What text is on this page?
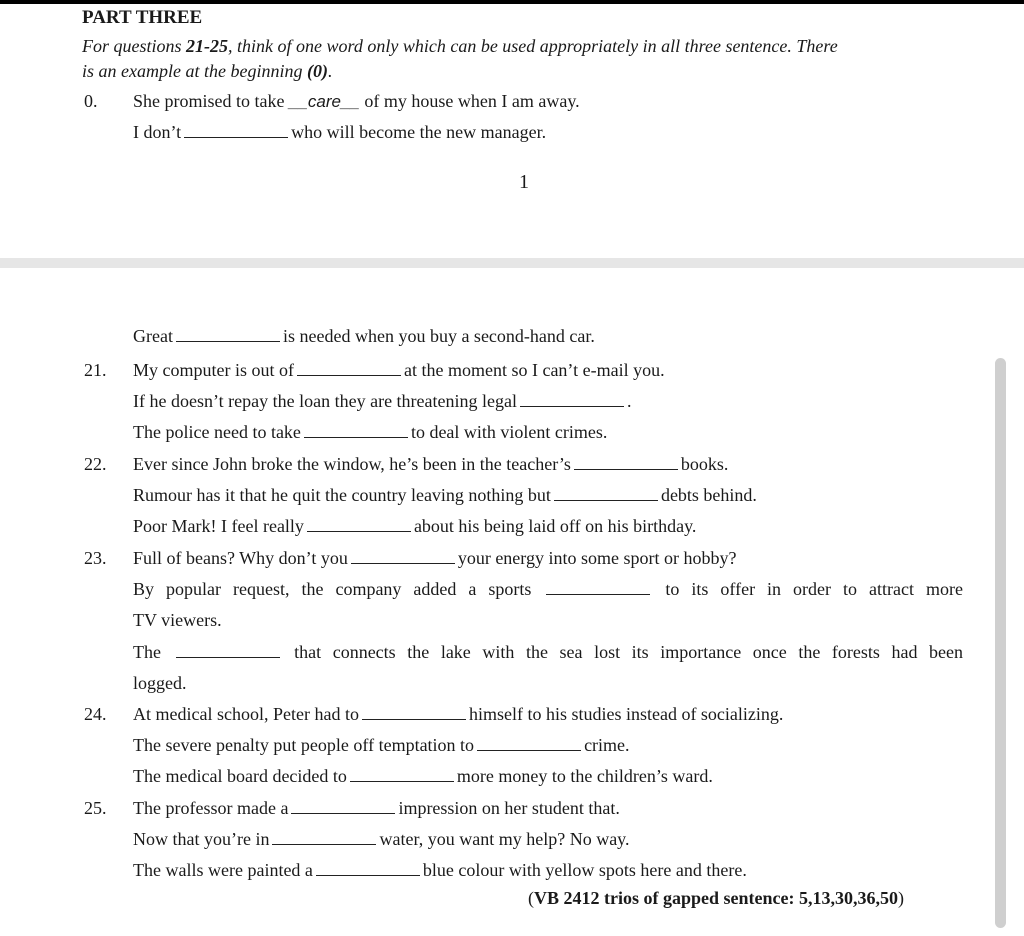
PART THREE
For questions 21-25, think of one word only which can be used appropriately in all three sentence. There
is an example at the beginning (0).
0. She promised to take __care__ of my house when I am away.
I don’t	who will become the new manager.
1
Great	is needed when you buy a second-hand car.
21. My computer is out of	at the moment so I can’t e-mail you.
If he doesn’t repay the loan they are threatening legal	.
The police need to take	to deal with violent crimes.
22. Ever since John broke the window, he’s been in the teacher’s	books.
Rumour has it that he quit the country leaving nothing but	debts behind.
Poor Mark! I feel really	about his being laid off on his birthday.
23. Full of beans? Why don’t you	your energy into some sport or hobby?
By popular request, the company added a sports	to its offer in order to attract more
TV viewers.
The	that connects the lake with the sea lost its importance once the forests had been
logged.
24. At medical school, Peter had to	himself to his studies instead of socializing.
The severe penalty put people off temptation to	crime.
The medical board decided to	more money to the children’s ward.
25. The professor made a	impression on her student that.
Now that you’re in	water, you want my help? No way.
The walls were painted a	blue colour with yellow spots here and there.
(VB 2412 trios of gapped sentence: 5,13,30,36,50)
